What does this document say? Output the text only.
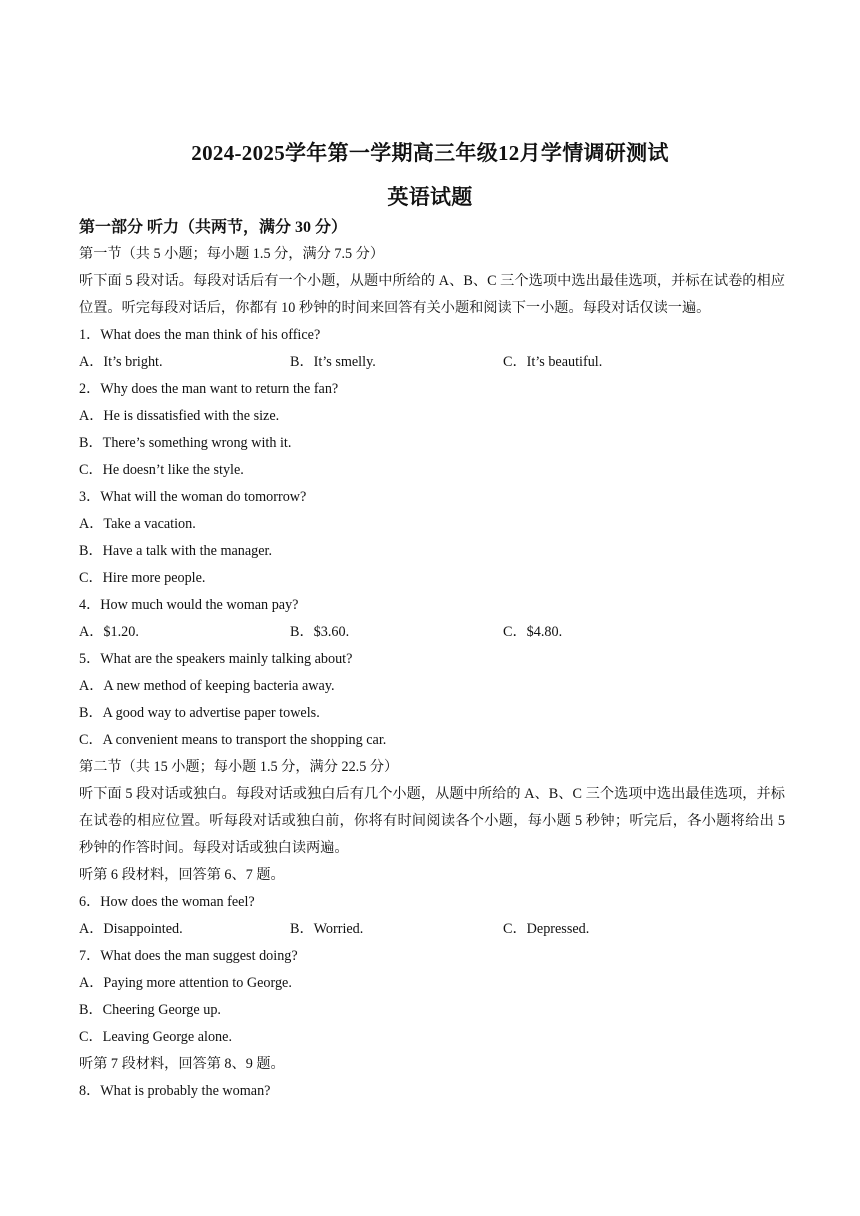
2024-2025学年第一学期高三年级12月学情调研测试
英语试题
第一部分 听力（共两节，满分 30 分）
第一节（共 5 小题；每小题 1.5 分，满分 7.5 分）
听下面 5 段对话。每段对话后有一个小题，从题中所给的 A、B、C 三个选项中选出最佳选项，并标在试卷的相应位置。听完每段对话后，你都有 10 秒钟的时间来回答有关小题和阅读下一小题。每段对话仅读一遍。
1．What does the man think of his office?
A．It’s bright.	B．It’s smelly.	C．It’s beautiful.
2．Why does the man want to return the fan?
A．He is dissatisfied with the size.
B．There’s something wrong with it.
C．He doesn’t like the style.
3．What will the woman do tomorrow?
A．Take a vacation.
B．Have a talk with the manager.
C．Hire more people.
4．How much would the woman pay?
A．$1.20.	B．$3.60.	C．$4.80.
5．What are the speakers mainly talking about?
A．A new method of keeping bacteria away.
B．A good way to advertise paper towels.
C．A convenient means to transport the shopping car.
第二节（共 15 小题；每小题 1.5 分，满分 22.5 分）
听下面 5 段对话或独白。每段对话或独白后有几个小题，从题中所给的 A、B、C 三个选项中选出最佳选项，并标在试卷的相应位置。听每段对话或独白前，你将有时间阅读各个小题，每小题 5 秒钟；听完后，各小题将给出 5 秒钟的作答时间。每段对话或独白读两遍。
听第 6 段材料，回答第 6、7 题。
6．How does the woman feel?
A．Disappointed.	B．Worried.	C．Depressed.
7．What does the man suggest doing?
A．Paying more attention to George.
B．Cheering George up.
C．Leaving George alone.
听第 7 段材料，回答第 8、9 题。
8．What is probably the woman?
